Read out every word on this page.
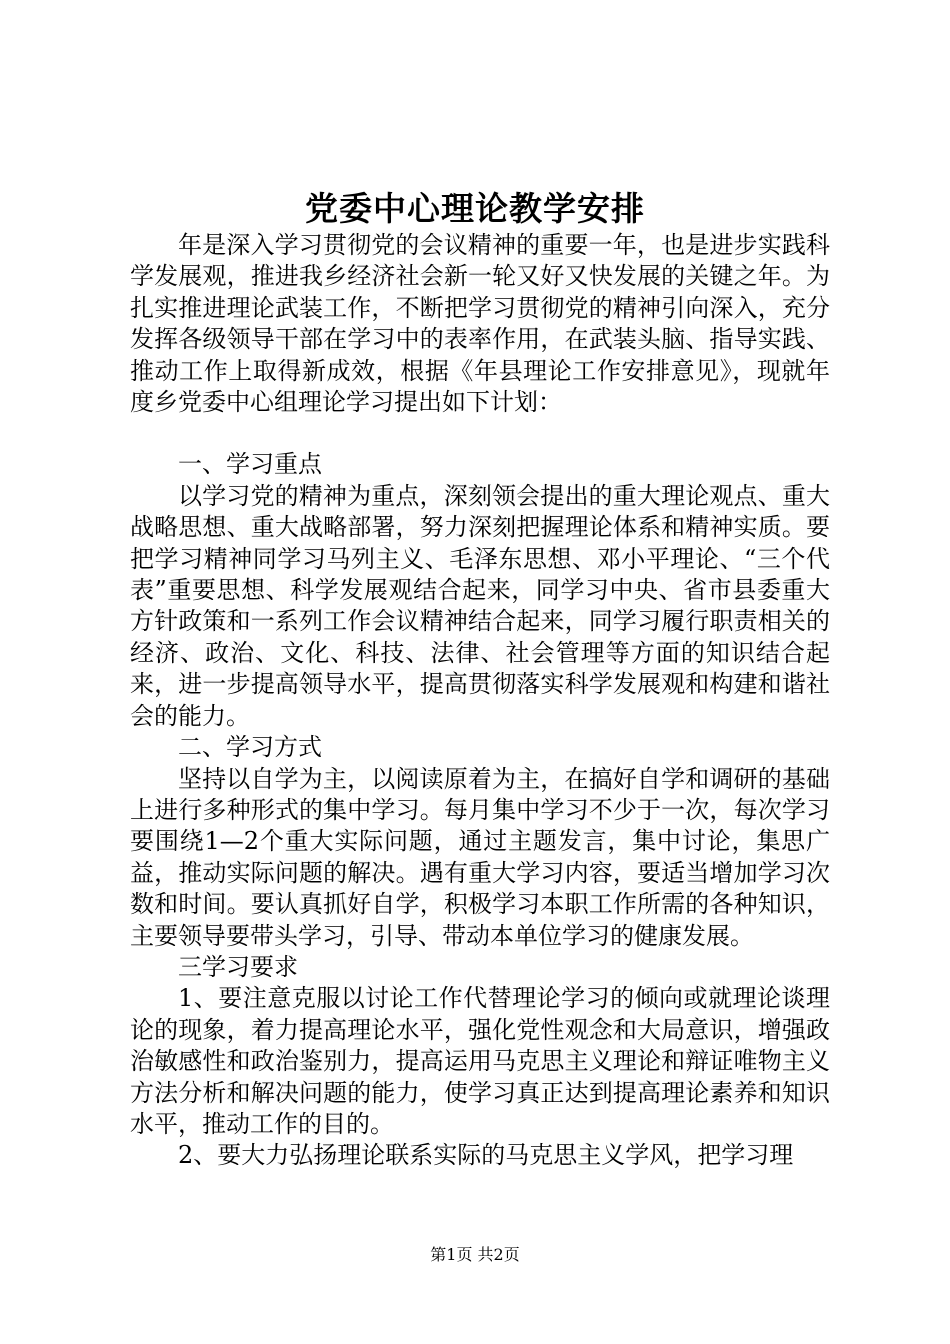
党委中心理论教学安排

年是深入学习贯彻党的会议精神的重要一年，也是进步实践科学发展观，推进我乡经济社会新一轮又好又快发展的关键之年。为扎实推进理论武装工作，不断把学习贯彻党的精神引向深入，充分发挥各级领导干部在学习中的表率作用，在武装头脑、指导实践、推动工作上取得新成效，根据《年县理论工作安排意见》，现就年度乡党委中心组理论学习提出如下计划：

一、学习重点

以学习党的精神为重点，深刻领会提出的重大理论观点、重大战略思想、重大战略部署，努力深刻把握理论体系和精神实质。要把学习精神同学习马列主义、毛泽东思想、邓小平理论、“三个代表”重要思想、科学发展观结合起来，同学习中央、省市县委重大方针政策和一系列工作会议精神结合起来，同学习履行职责相关的经济、政治、文化、科技、法律、社会管理等方面的知识结合起来，进一步提高领导水平，提高贯彻落实科学发展观和构建和谐社会的能力。

二、学习方式

坚持以自学为主，以阅读原着为主，在搞好自学和调研的基础上进行多种形式的集中学习。每月集中学习不少于一次，每次学习要围绕1—2个重大实际问题，通过主题发言，集中讨论，集思广益，推动实际问题的解决。遇有重大学习内容，要适当增加学习次数和时间。要认真抓好自学，积极学习本职工作所需的各种知识，主要领导要带头学习，引导、带动本单位学习的健康发展。

三学习要求

1、要注意克服以讨论工作代替理论学习的倾向或就理论谈理论的现象，着力提高理论水平，强化党性观念和大局意识，增强政治敏感性和政治鉴别力，提高运用马克思主义理论和辩证唯物主义方法分析和解决问题的能力，使学习真正达到提高理论素养和知识水平，推动工作的目的。

2、要大力弘扬理论联系实际的马克思主义学风，把学习理

第1页 共2页
